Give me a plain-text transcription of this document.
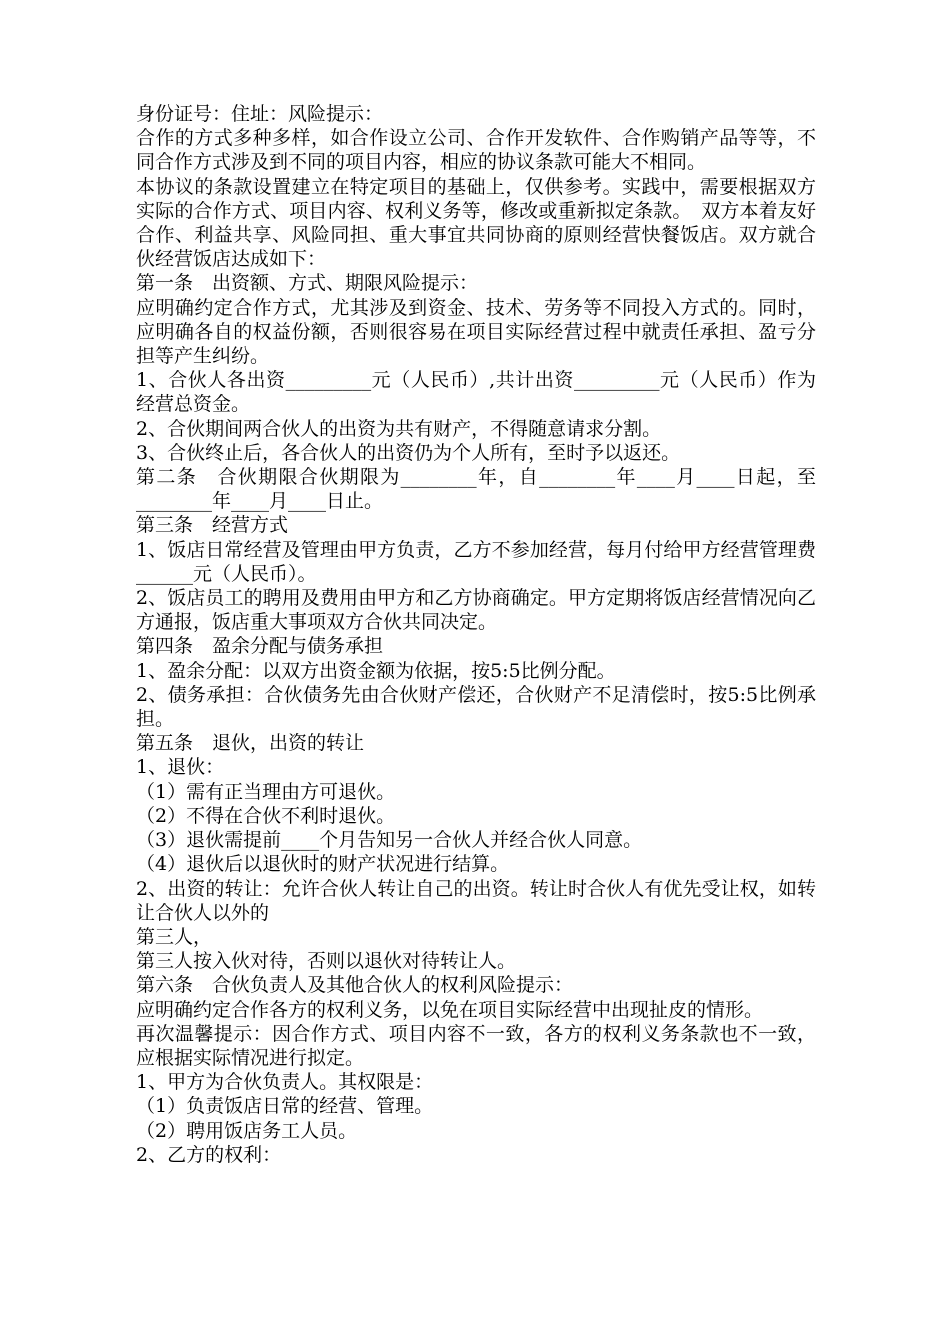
身份证号：住址：风险提示：

合作的方式多种多样，如合作设立公司、合作开发软件、合作购销产品等等，不同合作方式涉及到不同的项目内容，相应的协议条款可能大不相同。

本协议的条款设置建立在特定项目的基础上，仅供参考。实践中，需要根据双方实际的合作方式、项目内容、权利义务等，修改或重新拟定条款。　双方本着友好合作、利益共享、风险同担、重大事宜共同协商的原则经营快餐饭店。双方就合伙经营饭店达成如下：

第一条　出资额、方式、期限风险提示：

应明确约定合作方式，尤其涉及到资金、技术、劳务等不同投入方式的。同时，应明确各自的权益份额，否则很容易在项目实际经营过程中就责任承担、盈亏分担等产生纠纷。

1、合伙人各出资_________元（人民币）,共计出资_________元（人民币）作为经营总资金。

2、合伙期间两合伙人的出资为共有财产，不得随意请求分割。

3、合伙终止后，各合伙人的出资仍为个人所有，至时予以返还。

第二条　合伙期限合伙期限为________年，自________年____月____日起，至________年____月____日止。

第三条　经营方式

1、饭店日常经营及管理由甲方负责，乙方不参加经营，每月付给甲方经营管理费______元（人民币）。

2、饭店员工的聘用及费用由甲方和乙方协商确定。甲方定期将饭店经营情况向乙方通报，饭店重大事项双方合伙共同决定。

第四条　盈余分配与债务承担

1、盈余分配：以双方出资金额为依据，按5:5比例分配。

2、债务承担：合伙债务先由合伙财产偿还，合伙财产不足清偿时，按5:5比例承担。

第五条　退伙，出资的转让

1、退伙：

（1）需有正当理由方可退伙。

（2）不得在合伙不利时退伙。

（3）退伙需提前____个月告知另一合伙人并经合伙人同意。

（4）退伙后以退伙时的财产状况进行结算。

2、出资的转让：允许合伙人转让自己的出资。转让时合伙人有优先受让权，如转让合伙人以外的

第三人，

第三人按入伙对待，否则以退伙对待转让人。

第六条　合伙负责人及其他合伙人的权利风险提示：

应明确约定合作各方的权利义务，以免在项目实际经营中出现扯皮的情形。

再次温馨提示：因合作方式、项目内容不一致，各方的权利义务条款也不一致，应根据实际情况进行拟定。

1、甲方为合伙负责人。其权限是：

（1）负责饭店日常的经营、管理。

（2）聘用饭店务工人员。

2、乙方的权利：
